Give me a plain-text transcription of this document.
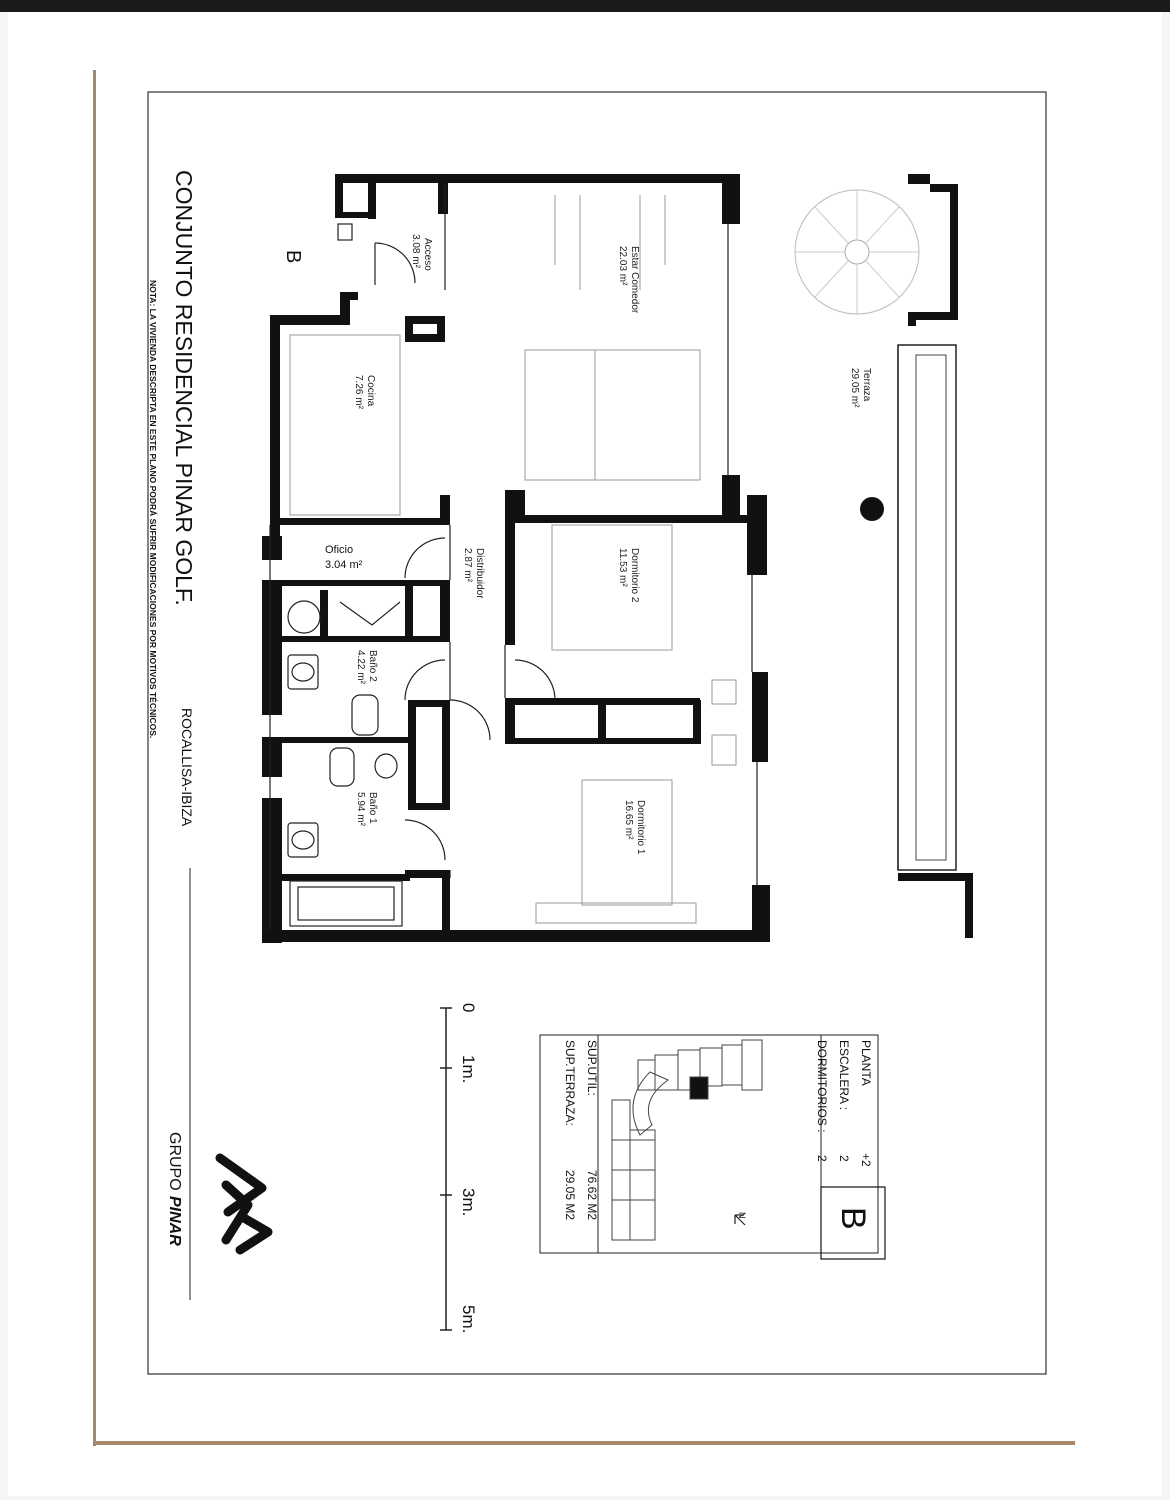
Acceso
3.08 m²	Estar Comedor
22.03 m²
Terraza
29.05 m²
Cocina
7.26 m²
Oficio
3.04 m²	Distribuidor
2.87 m²	Dormitorio 2
11.53 m²
Baño 2
4.22 m²
Baño 1
5.94 m²	Dormitorio 1
16.65 m²
CONJUNTO RESIDENCIAL PINAR GOLF.
ROCALLISA-IBIZA
NOTA: LA VIVIENDA DESCRIPTA EN ESTE PLANO PODRÁ SUFRIR MODIFICACIONES POR MOTIVOS TÉCNICOS.
B
PLANTA
+2
ESCALERA :
2
DORMITORIOS :
2
B
SUP.ÚTIL:
76.62 M2
SUP.TERRAZA:
29.05 M2	N
0
1m.
3m.
5m.
GRUPO
PINAR
